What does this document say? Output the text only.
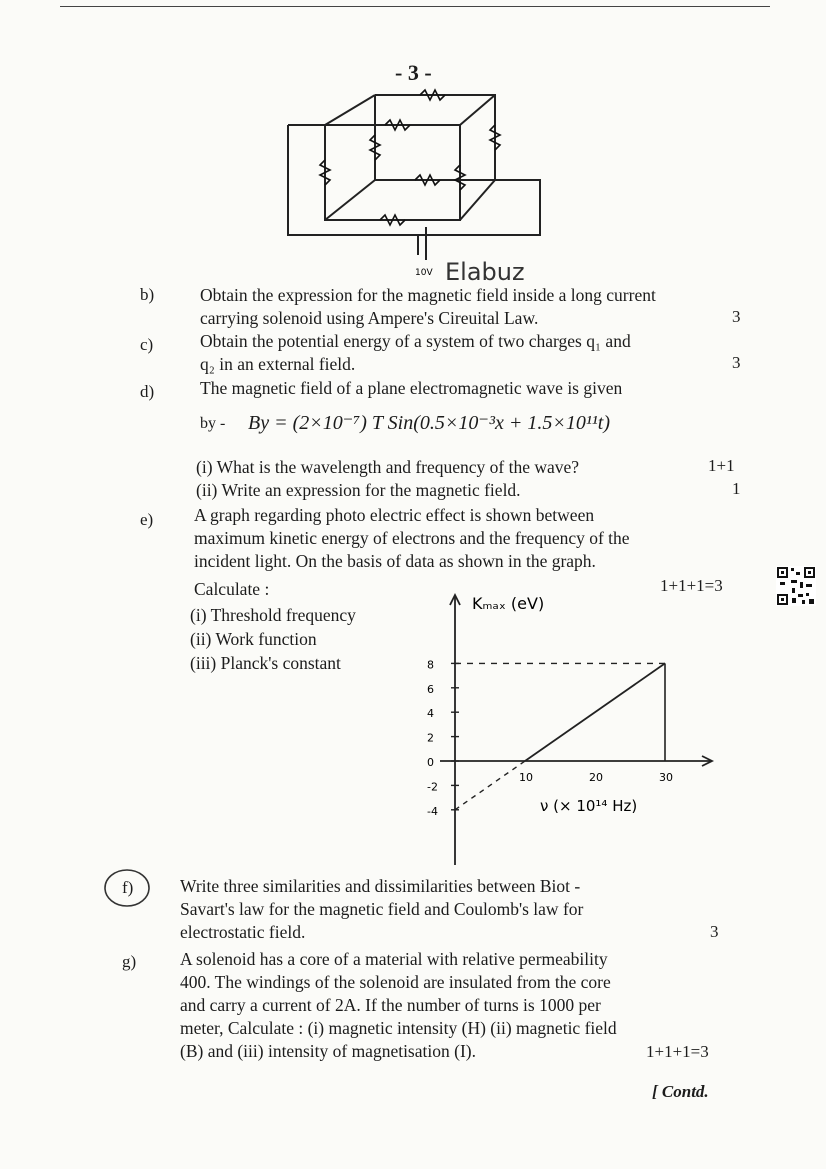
- 3 -
10V Elabuz
b)	Obtain the expression for the magnetic field inside a long current
carrying solenoid using Ampere's Cireuital Law.	3
c)	Obtain the potential energy of a system of two charges q₁ and
q₂ in an external field.	3
d)	The magnetic field of a plane electromagnetic wave is given
by - By = (2×10⁻⁷) T Sin(0.5×10⁻³x + 1.5×10¹¹t)
(i) What is the wavelength and frequency of the wave?	1+1
(ii) Write an expression for the magnetic field.	1
e) A graph regarding photo electric effect is shown between
maximum kinetic energy of electrons and the frequency of the
incident light. On the basis of data as shown in the graph.
Calculate :	1+1+1=3
(i) Threshold frequency
(ii) Work function
(iii) Planck's constant
10	20	30
8
6
4
2
0
-2
-4
Kₘₐₓ (eV)
ν (× 10¹⁴ Hz)
f)	Write three similarities and dissimilarities between Biot -
Savart's law for the magnetic field and Coulomb's law for
electrostatic field.	3
g)	A solenoid has a core of a material with relative permeability
400. The windings of the solenoid are insulated from the core
and carry a current of 2A. If the number of turns is 1000 per
meter, Calculate : (i) magnetic intensity (H) (ii) magnetic field
(B) and (iii) intensity of magnetisation (I).	1+1+1=3
[ Contd.
